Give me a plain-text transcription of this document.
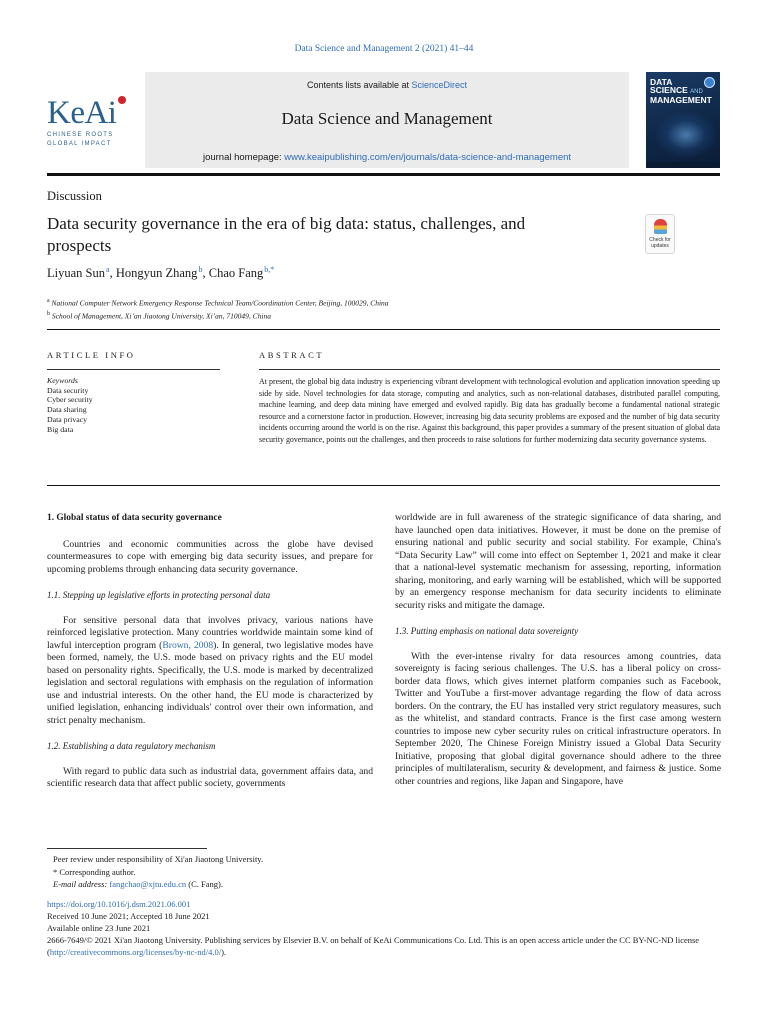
Data Science and Management 2 (2021) 41–44
KeAi
CHINESE ROOTS
GLOBAL IMPACT
Contents lists available at ScienceDirect
Data Science and Management
journal homepage: www.keaipublishing.com/en/journals/data-science-and-management
DATA
SCIENCE AND
MANAGEMENT
Discussion
Data security governance in the era of big data: status, challenges, and prospects	Check for
updates
Liyuan Sun $^a$, Hongyun Zhang $^b$, Chao Fang $^{b,*}$
$^a$ National Computer Network Emergency Response Technical Team/Coordination Center, Beijing, 100029, China
$^b$ School of Management, Xi’an Jiaotong University, Xi’an, 710049, China
ARTICLE INFO	ABSTRACT
Keywords
Data security
Cyber security
Data sharing
Data privacy
Big data
At present, the global big data industry is experiencing vibrant development with technological evolution and application innovation speeding up side by side. Novel technologies for data storage, computing and analytics, such as non-relational databases, distributed parallel computing, machine learning, and deep data mining have emerged and evolved rapidly. Big data has gradually become a fundamental national strategic resource and a cornerstone factor in production. However, increasing big data security problems are exposed and the number of big data security incidents occurring around the world is on the rise. Against this background, this paper provides a summary of the present situation of global data security governance, points out the challenges, and then proceeds to raise solutions for further modernizing data security governance systems.
1. Global status of data security governance

Countries and economic communities across the globe have devised countermeasures to cope with emerging big data security issues, and prepare for upcoming problems through enhancing data security governance.

1.1. Stepping up legislative efforts in protecting personal data

For sensitive personal data that involves privacy, various nations have reinforced legislative protection. Many countries worldwide maintain some kind of lawful interception program (Brown, 2008). In general, two legislative modes have been formed, namely, the U.S. mode based on privacy rights and the EU model based on personality rights. Specifically, the U.S. mode is marked by decentralized legislation and sectoral regulations with emphasis on the regulation of information use and industrial interests. On the other hand, the EU mode is characterized by unified legislation, enhancing individuals' control over their own information, and strict penalty mechanism.

1.2. Establishing a data regulatory mechanism

With regard to public data such as industrial data, government affairs data, and scientific research data that affect public society, governments

worldwide are in full awareness of the strategic significance of data sharing, and have launched open data initiatives. However, it must be done on the premise of ensuring national and public security and social stability. For example, China's “Data Security Law” will come into effect on September 1, 2021 and make it clear that a national-level systematic mechanism for assessing, reporting, information sharing, monitoring, and early warning will be established, which will be supported by an emergency response mechanism for data security incidents to eliminate security risks and mitigate the damage.

1.3. Putting emphasis on national data sovereignty

With the ever-intense rivalry for data resources among countries, data sovereignty is facing serious challenges. The U.S. has a liberal policy on cross-border data flows, which gives internet platform companies such as Facebook, Twitter and YouTube a first-mover advantage regarding the flow of data across borders. On the contrary, the EU has installed very strict regulatory measures, such as the whitelist, and standard contracts. France is the first case among western countries to impose new cyber security rules on critical infrastructure operators. In September 2020, The Chinese Foreign Ministry issued a Global Data Security Initiative, proposing that global digital governance should adhere to the three principles of multilateralism, security & development, and fairness & justice. Some other countries and regions, like Japan and Singapore, have

Peer review under responsibility of Xi'an Jiaotong University.
* Corresponding author.
E-mail address: fangchao@xjtu.edu.cn (C. Fang).
https://doi.org/10.1016/j.dsm.2021.06.001
Received 10 June 2021; Accepted 18 June 2021
Available online 23 June 2021
2666-7649/© 2021 Xi'an Jiaotong University. Publishing services by Elsevier B.V. on behalf of KeAi Communications Co. Ltd. This is an open access article under the CC BY-NC-ND license (http://creativecommons.org/licenses/by-nc-nd/4.0/).
